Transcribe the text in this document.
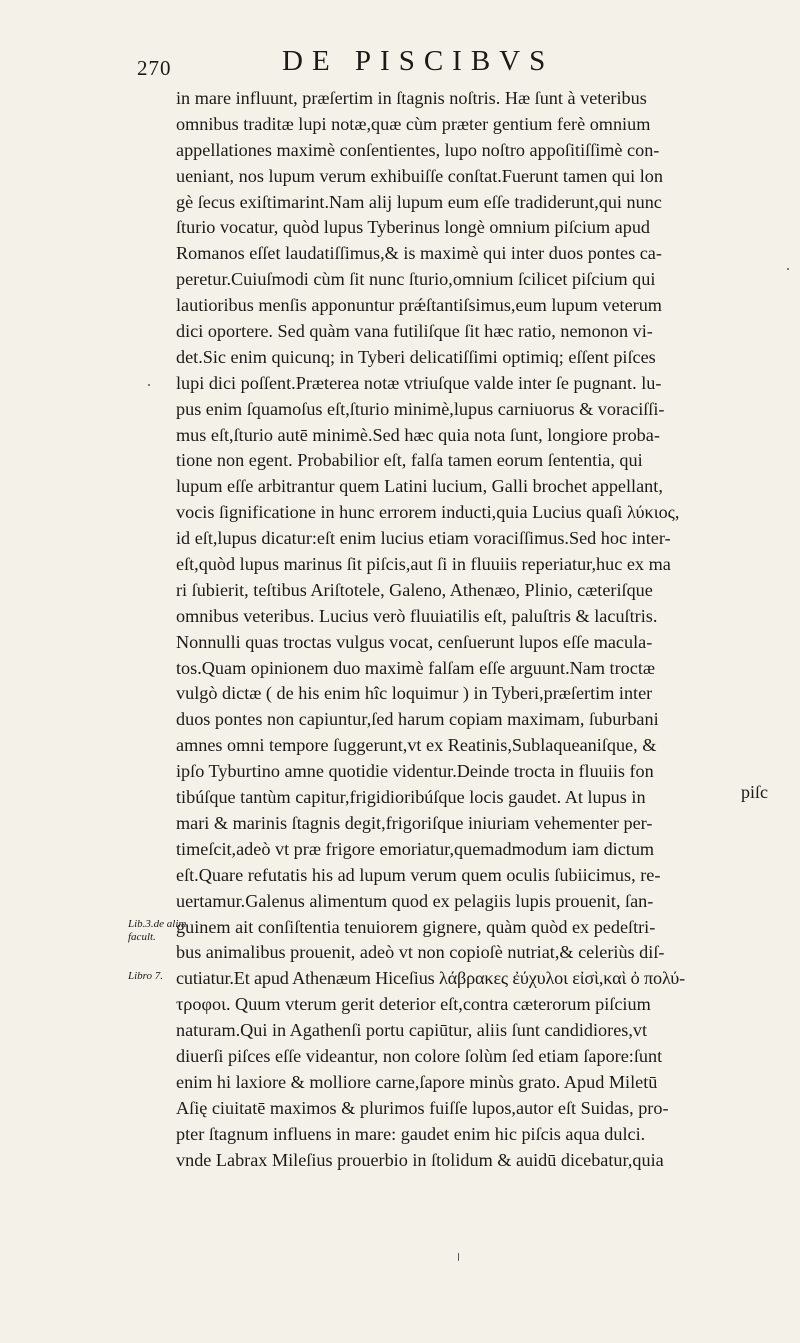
270	DE PISCIBVS
Lib.3.de alim.
facult.
Libro 7.
in mare influunt, præſertim in ſtagnis noſtris. Hæ ſunt à veteribus
omnibus traditæ lupi notæ,quæ cùm præter gentium ferè omnium
appellationes maximè conſentientes, lupo noſtro appoſitiſſimè con-
ueniant, nos lupum verum exhibuiſſe conſtat.Fuerunt tamen qui lon
gè ſecus exiſtimarint.Nam alij lupum eum eſſe tradiderunt,qui nunc
ſturio vocatur, quòd lupus Tyberinus longè omnium piſcium apud
Romanos eſſet laudatiſſimus,& is maximè qui inter duos pontes ca-
peretur.Cuiuſmodi cùm ſit nunc ſturio,omnium ſcilicet piſcium qui
lautioribus menſis apponuntur prǽſtantiſsimus,eum lupum veterum
dici oportere. Sed quàm vana futiliſque ſit hæc ratio, nemonon vi-
det.Sic enim quicunq; in Tyberi delicatiſſimi optimiq; eſſent piſces
lupi dici poſſent.Præterea notæ vtriuſque valde inter ſe pugnant. lu-
pus enim ſquamoſus eſt,ſturio minimè,lupus carniuorus & voraciſſi-
mus eſt,ſturio autē minimè.Sed hæc quia nota ſunt, longiore proba-
tione non egent. Probabilior eſt, falſa tamen eorum ſententia, qui
lupum eſſe arbitrantur quem Latini lucium, Galli brochet appellant,
vocis ſignificatione in hunc errorem inducti,quia Lucius quaſi λύκιος,
id eſt,lupus dicatur:eſt enim lucius etiam voraciſſimus.Sed hoc inter-
eſt,quòd lupus marinus ſit piſcis,aut ſi in fluuiis reperiatur,huc ex ma
ri ſubierit, teſtibus Ariſtotele, Galeno, Athenæo, Plinio, cæteriſque
omnibus veteribus. Lucius verò fluuiatilis eſt, paluſtris & lacuſtris.
Nonnulli quas troctas vulgus vocat, cenſuerunt lupos eſſe macula-
tos.Quam opinionem duo maximè falſam eſſe arguunt.Nam troctæ
vulgò dictæ ( de his enim hîc loquimur ) in Tyberi,præſertim inter
duos pontes non capiuntur,ſed harum copiam maximam, ſuburbani
amnes omni tempore ſuggerunt,vt ex Reatinis,Sublaqueaniſque, &
ipſo Tyburtino amne quotidie videntur.Deinde trocta in fluuiis fon
tibúſque tantùm capitur,frigidioribúſque locis gaudet. At lupus in
mari & marinis ſtagnis degit,frigoriſque iniuriam vehementer per-
timeſcit,adeò vt præ frigore emoriatur,quemadmodum iam dictum
eſt.Quare refutatis his ad lupum verum quem oculis ſubiicimus, re-
uertamur.Galenus alimentum quod ex pelagiis lupis prouenit, ſan-
guinem ait conſiſtentia tenuiorem gignere, quàm quòd ex pedeſtri-
bus animalibus prouenit, adeò vt non copioſè nutriat,& celeriùs diſ-
cutiatur.Et apud Athenæum Hiceſius λάβρακες ἐύχυλοι εἰσὶ,καὶ ὀ πολύ-
τροφοι. Quum vterum gerit deterior eſt,contra cæterorum piſcium
naturam.Qui in Agathenſi portu capiūtur, aliis ſunt candidiores,vt
diuerſi piſces eſſe videantur, non colore ſolùm ſed etiam ſapore:ſunt
enim hi laxiore & molliore carne,ſapore minùs grato. Apud Miletū
Aſię ciuitatē maximos & plurimos fuiſſe lupos,autor eſt Suidas, pro-
pter ſtagnum influens in mare: gaudet enim hic piſcis aqua dulci.
vnde Labrax Mileſius prouerbio in ſtolidum & auidū dicebatur,quia
piſc
